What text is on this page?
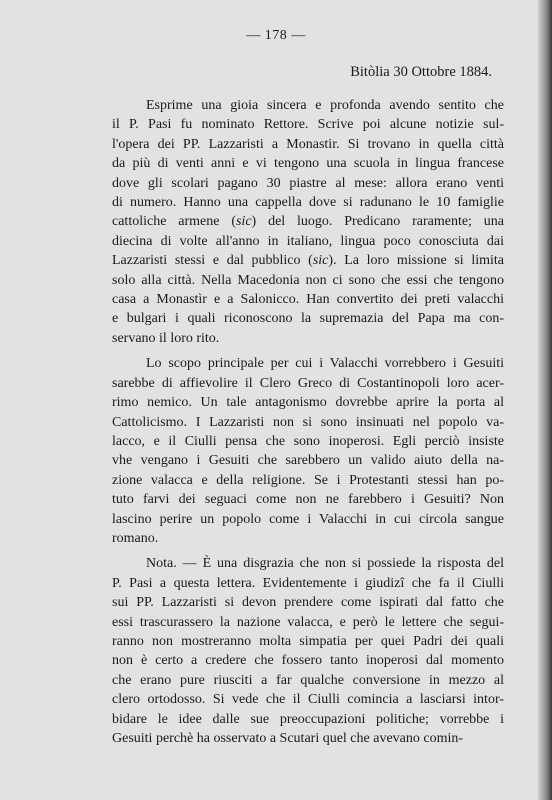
— 178 —
Bitòlia 30 Ottobre 1884.
Esprime una gioia sincera e profonda avendo sentito che
il P. Pasi fu nominato Rettore. Scrive poi alcune notizie sul-
l'opera dei PP. Lazzaristi a Monastir. Si trovano in quella città
da più di venti anni e vi tengono una scuola in lingua francese
dove gli scolari pagano 30 piastre al mese: allora erano venti
di numero. Hanno una cappella dove si radunano le 10 famiglie
cattoliche armene (sic) del luogo. Predicano raramente; una
diecina di volte all'anno in italiano, lingua poco conosciuta dai
Lazzaristi stessi e dal pubblico (sic). La loro missione si limita
solo alla città. Nella Macedonia non ci sono che essi che tengono
casa a Monastìr e a Salonicco. Han convertito dei preti valacchi
e bulgari i quali riconoscono la supremazia del Papa ma con-
servano il loro rito.
Lo scopo principale per cui i Valacchi vorrebbero i Gesuiti
sarebbe di affievolire il Clero Greco di Costantinopoli loro acer-
rimo nemico. Un tale antagonismo dovrebbe aprire la porta al
Cattolicismo. I Lazzaristi non si sono insinuati nel popolo va-
lacco, e il Ciulli pensa che sono inoperosi. Egli perciò insiste
vhe vengano i Gesuiti che sarebbero un valido aiuto della na-
zione valacca e della religione. Se i Protestanti stessi han po-
tuto farvi dei seguaci come non ne farebbero i Gesuiti? Non
lascino perire un popolo come i Valacchi in cui circola sangue
romano.
Nota. — È una disgrazia che non si possiede la risposta del
P. Pasi a questa lettera. Evidentemente i giudizî che fa il Ciulli
sui PP. Lazzaristi si devon prendere come ispirati dal fatto che
essi trascurassero la nazione valacca, e però le lettere che segui-
ranno non mostreranno molta simpatia per quei Padri dei quali
non è certo a credere che fossero tanto inoperosi dal momento
che erano pure riusciti a far qualche conversione in mezzo al
clero ortodosso. Si vede che il Ciulli comincia a lasciarsi intor-
bidare le idee dalle sue preoccupazioni politiche; vorrebbe i
Gesuiti perchè ha osservato a Scutari quel che avevano comin-
